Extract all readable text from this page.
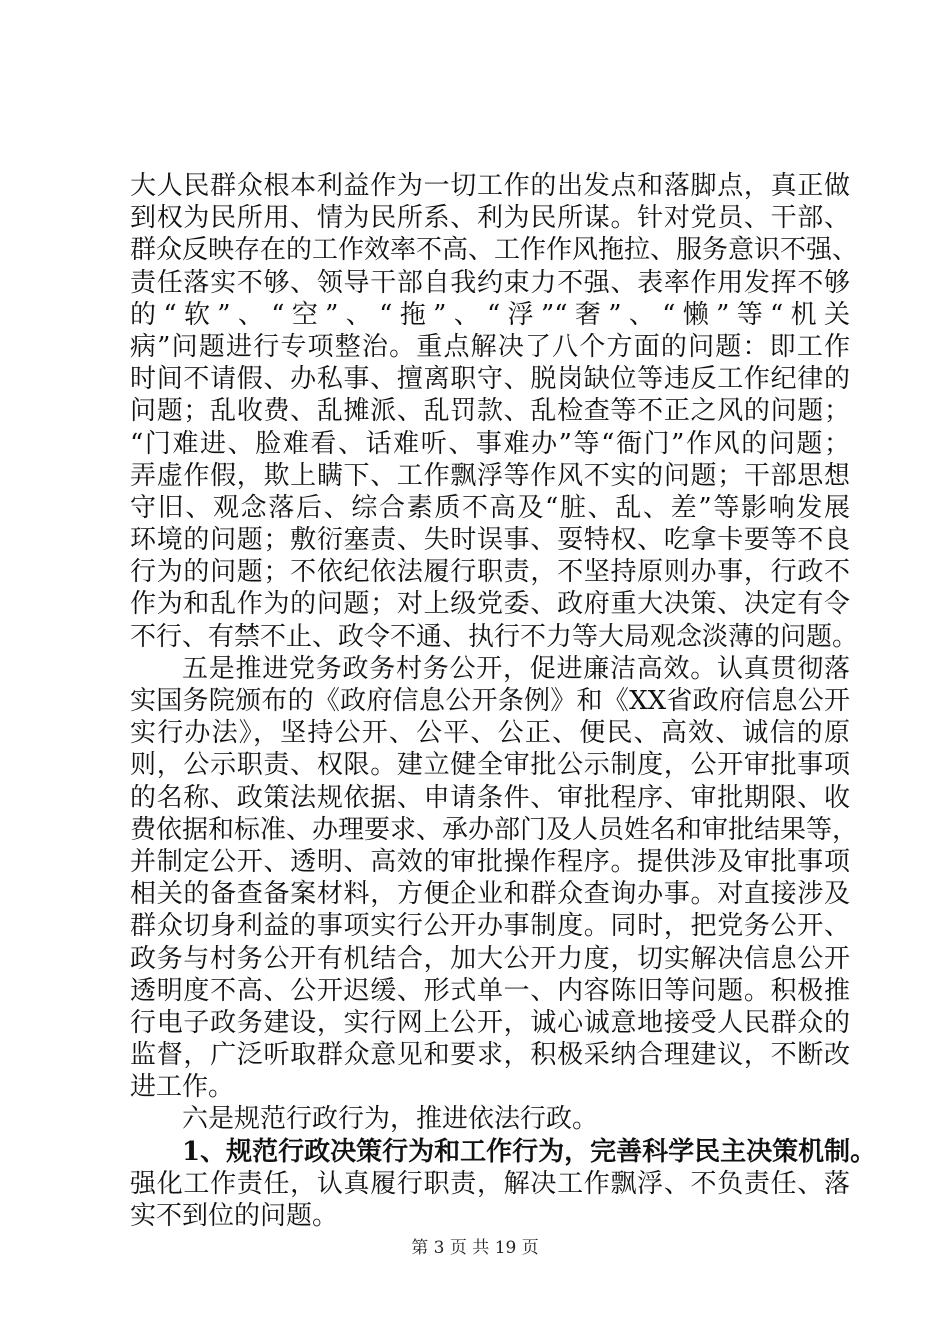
大人民群众根本利益作为一切工作的出发点和落脚点，真正做
到权为民所用、情为民所系、利为民所谋。针对党员、干部、
群众反映存在的工作效率不高、工作作风拖拉、服务意识不强、
责任落实不够、领导干部自我约束力不强、表率作用发挥不够
的“软”、“空”、“拖”、“浮”“奢”、“懒”等“机关
病”问题进行专项整治。重点解决了八个方面的问题：即工作
时间不请假、办私事、擅离职守、脱岗缺位等违反工作纪律的
问题；乱收费、乱摊派、乱罚款、乱检查等不正之风的问题；
“门难进、脸难看、话难听、事难办”等“衙门”作风的问题；
弄虚作假，欺上瞒下、工作飘浮等作风不实的问题；干部思想
守旧、观念落后、综合素质不高及“脏、乱、差”等影响发展
环境的问题；敷衍塞责、失时误事、耍特权、吃拿卡要等不良
行为的问题；不依纪依法履行职责，不坚持原则办事，行政不
作为和乱作为的问题；对上级党委、政府重大决策、决定有令
不行、有禁不止、政令不通、执行不力等大局观念淡薄的问题。
五是推进党务政务村务公开，促进廉洁高效。认真贯彻落
实国务院颁布的《政府信息公开条例》和《XX省政府信息公开
实行办法》，坚持公开、公平、公正、便民、高效、诚信的原
则，公示职责、权限。建立健全审批公示制度，公开审批事项
的名称、政策法规依据、申请条件、审批程序、审批期限、收
费依据和标准、办理要求、承办部门及人员姓名和审批结果等，
并制定公开、透明、高效的审批操作程序。提供涉及审批事项
相关的备查备案材料，方便企业和群众查询办事。对直接涉及
群众切身利益的事项实行公开办事制度。同时，把党务公开、
政务与村务公开有机结合，加大公开力度，切实解决信息公开
透明度不高、公开迟缓、形式单一、内容陈旧等问题。积极推
行电子政务建设，实行网上公开，诚心诚意地接受人民群众的
监督，广泛听取群众意见和要求，积极采纳合理建议，不断改
进工作。
六是规范行政行为，推进依法行政。
1、规范行政决策行为和工作行为，完善科学民主决策机制。
强化工作责任，认真履行职责，解决工作飘浮、不负责任、落
实不到位的问题。
第 3 页 共 19 页
